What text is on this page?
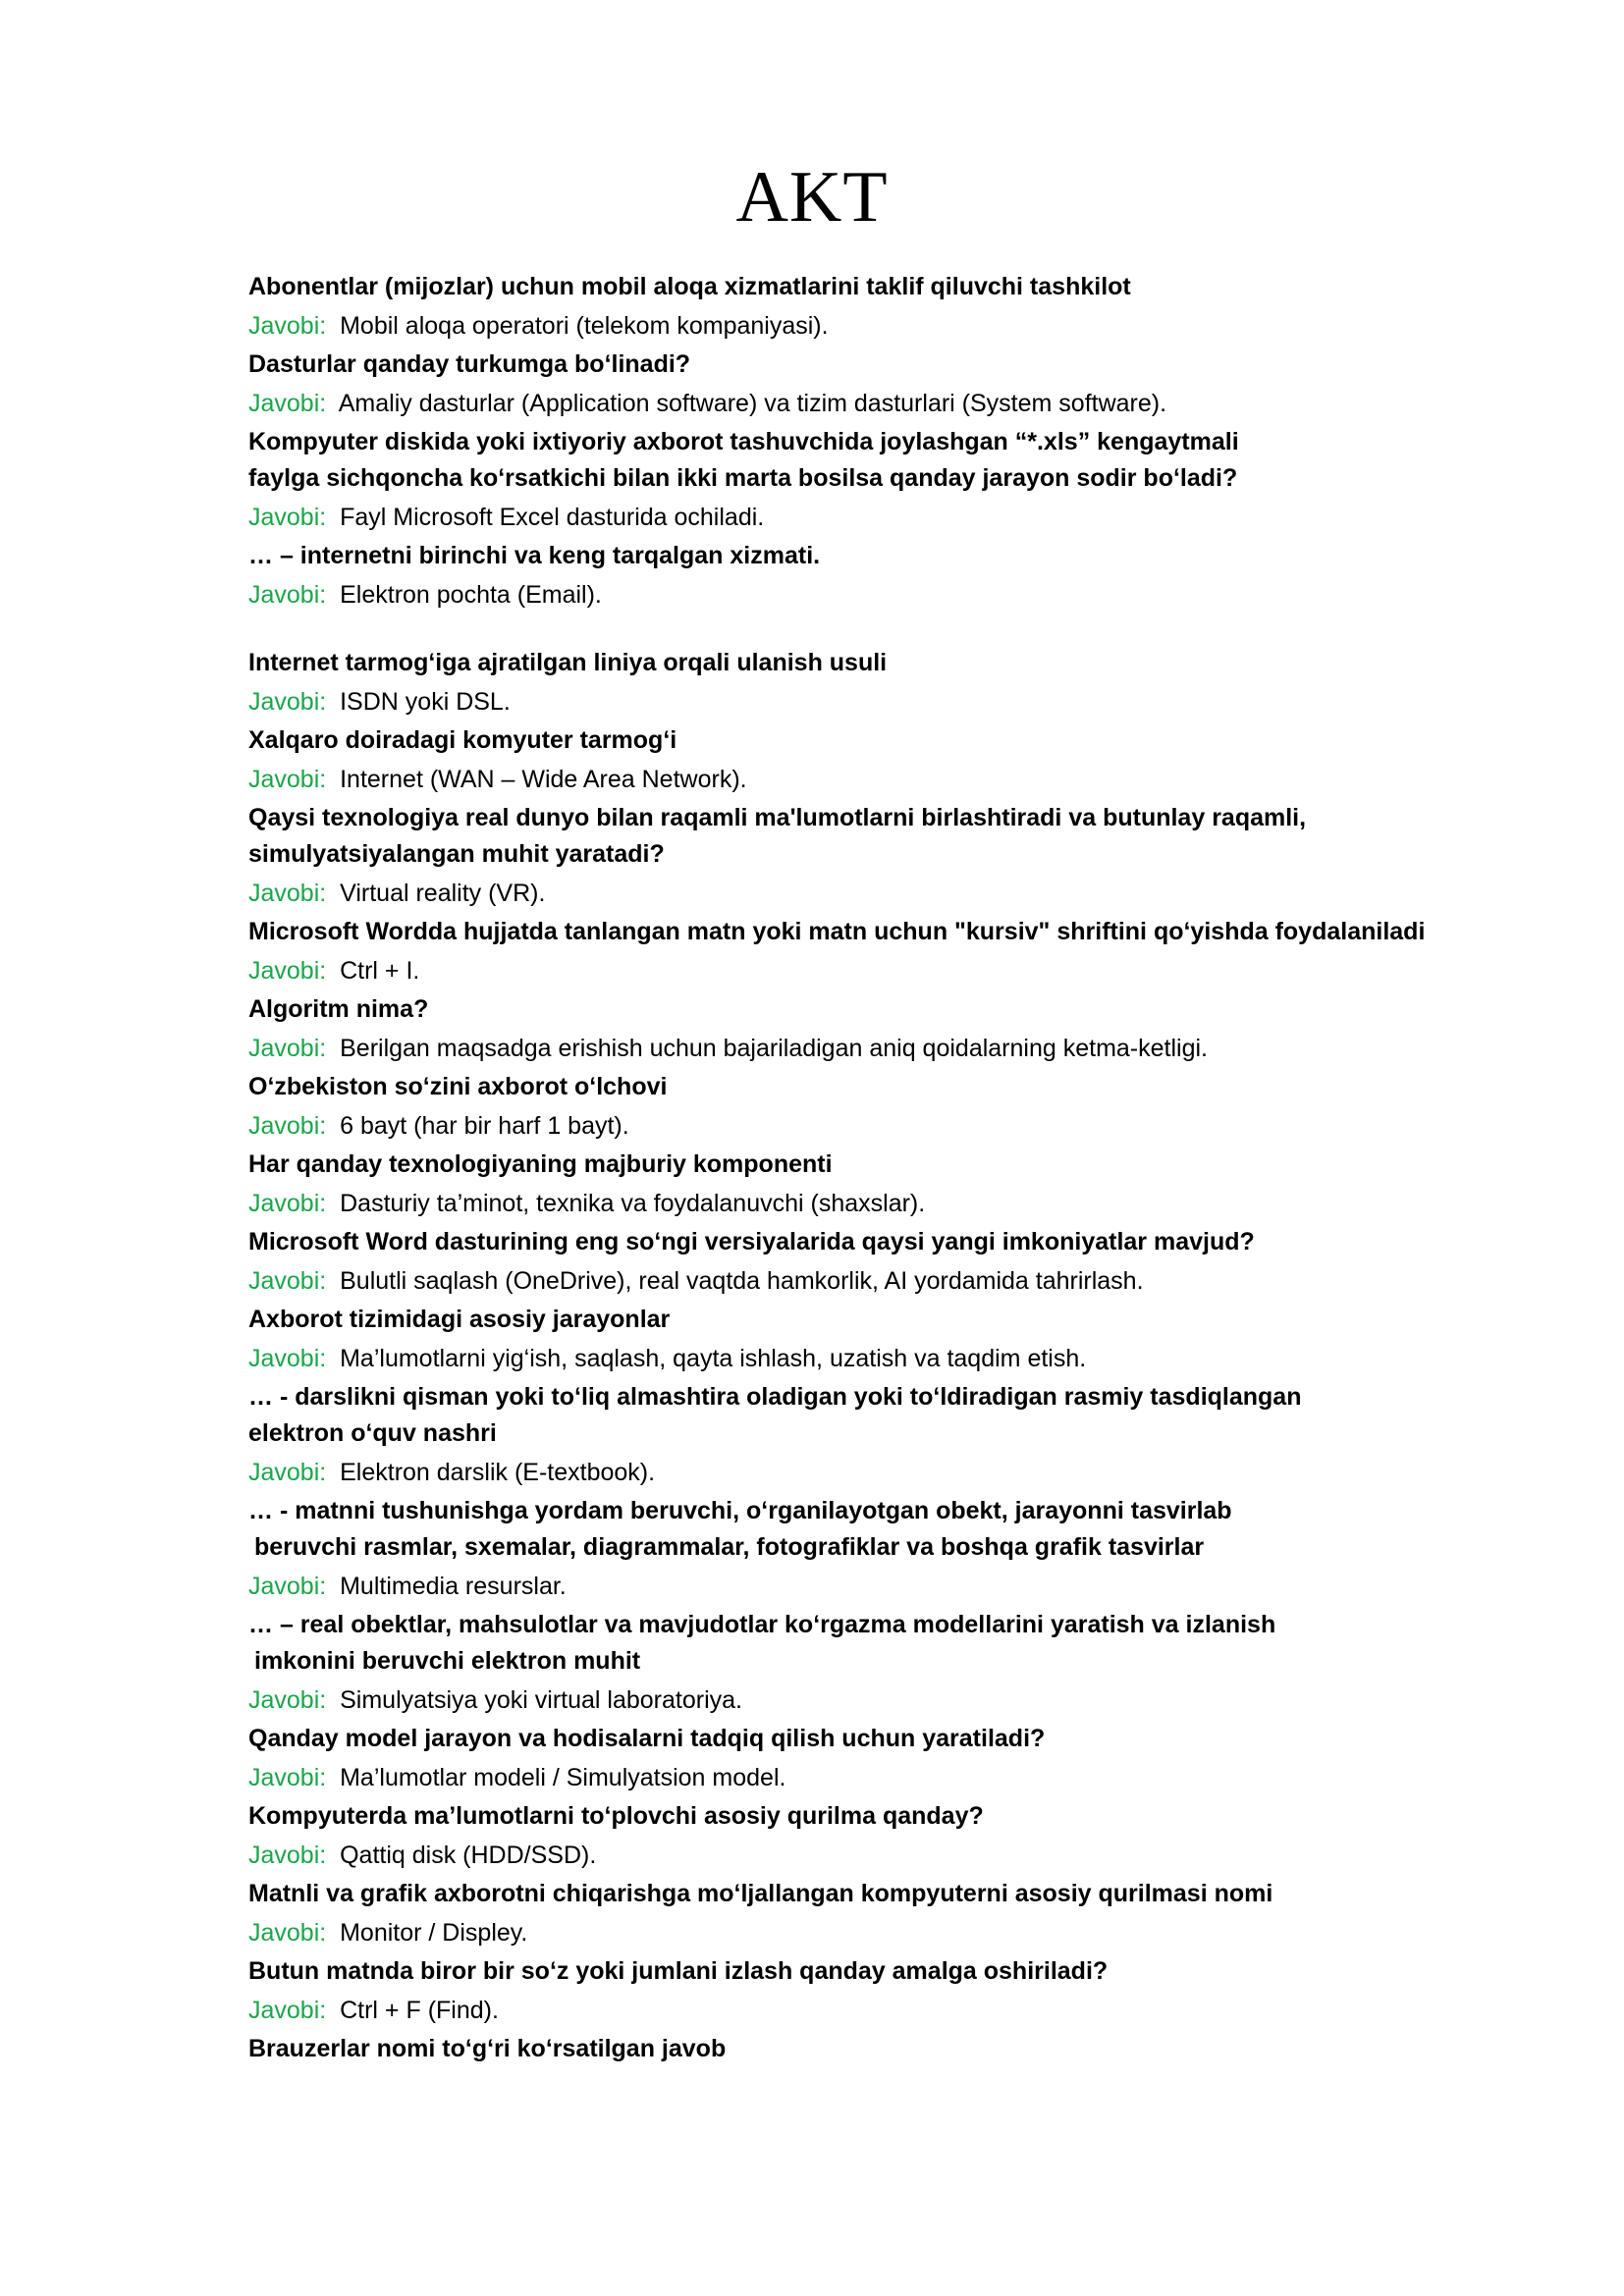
AKT
Abonentlar (mijozlar) uchun mobil aloqa xizmatlarini taklif qiluvchi tashkilot
Javobi:  Mobil aloqa operatori (telekom kompaniyasi).
Dasturlar qanday turkumga bo‘linadi?
Javobi:  Amaliy dasturlar (Application software) va tizim dasturlari (System software).
Kompyuter diskida yoki ixtiyoriy axborot tashuvchida joylashgan “*.xls” kengaytmali
faylga sichqoncha ko‘rsatkichi bilan ikki marta bosilsa qanday jarayon sodir bo‘ladi?
Javobi:  Fayl Microsoft Excel dasturida ochiladi.
… – internetni birinchi va keng tarqalgan xizmati.
Javobi:  Elektron pochta (Email).
Internet tarmog‘iga ajratilgan liniya orqali ulanish usuli
Javobi:  ISDN yoki DSL.
Xalqaro doiradagi komyuter tarmog‘i
Javobi:  Internet (WAN – Wide Area Network).
Qaysi texnologiya real dunyo bilan raqamli ma'lumotlarni birlashtiradi va butunlay raqamli,
simulyatsiyalangan muhit yaratadi?
Javobi:  Virtual reality (VR).
Microsoft Wordda hujjatda tanlangan matn yoki matn uchun "kursiv" shriftini qo‘yishda foydalaniladi
Javobi:  Ctrl + I.
Algoritm nima?
Javobi:  Berilgan maqsadga erishish uchun bajariladigan aniq qoidalarning ketma-ketligi.
O‘zbekiston so‘zini axborot o‘lchovi
Javobi:  6 bayt (har bir harf 1 bayt).
Har qanday texnologiyaning majburiy komponenti
Javobi:  Dasturiy ta’minot, texnika va foydalanuvchi (shaxslar).
Microsoft Word dasturining eng so‘ngi versiyalarida qaysi yangi imkoniyatlar mavjud?
Javobi:  Bulutli saqlash (OneDrive), real vaqtda hamkorlik, AI yordamida tahrirlash.
Axborot tizimidagi asosiy jarayonlar
Javobi:  Ma’lumotlarni yig‘ish, saqlash, qayta ishlash, uzatish va taqdim etish.
… - darslikni qisman yoki to‘liq almashtira oladigan yoki to‘ldiradigan rasmiy tasdiqlangan
elektron o‘quv nashri
Javobi:  Elektron darslik (E-textbook).
… - matnni tushunishga yordam beruvchi, o‘rganilayotgan obekt, jarayonni tasvirlab
beruvchi rasmlar, sxemalar, diagrammalar, fotografiklar va boshqa grafik tasvirlar
Javobi:  Multimedia resurslar.
… – real obektlar, mahsulotlar va mavjudotlar ko‘rgazma modellarini yaratish va izlanish
imkonini beruvchi elektron muhit
Javobi:  Simulyatsiya yoki virtual laboratoriya.
Qanday model jarayon va hodisalarni tadqiq qilish uchun yaratiladi?
Javobi:  Ma’lumotlar modeli / Simulyatsion model.
Kompyuterda ma’lumotlarni to‘plovchi asosiy qurilma qanday?
Javobi:  Qattiq disk (HDD/SSD).
Matnli va grafik axborotni chiqarishga mo‘ljallangan kompyuterni asosiy qurilmasi nomi
Javobi:  Monitor / Displey.
Butun matnda biror bir so‘z yoki jumlani izlash qanday amalga oshiriladi?
Javobi:  Ctrl + F (Find).
Brauzerlar nomi to‘g‘ri ko‘rsatilgan javob
